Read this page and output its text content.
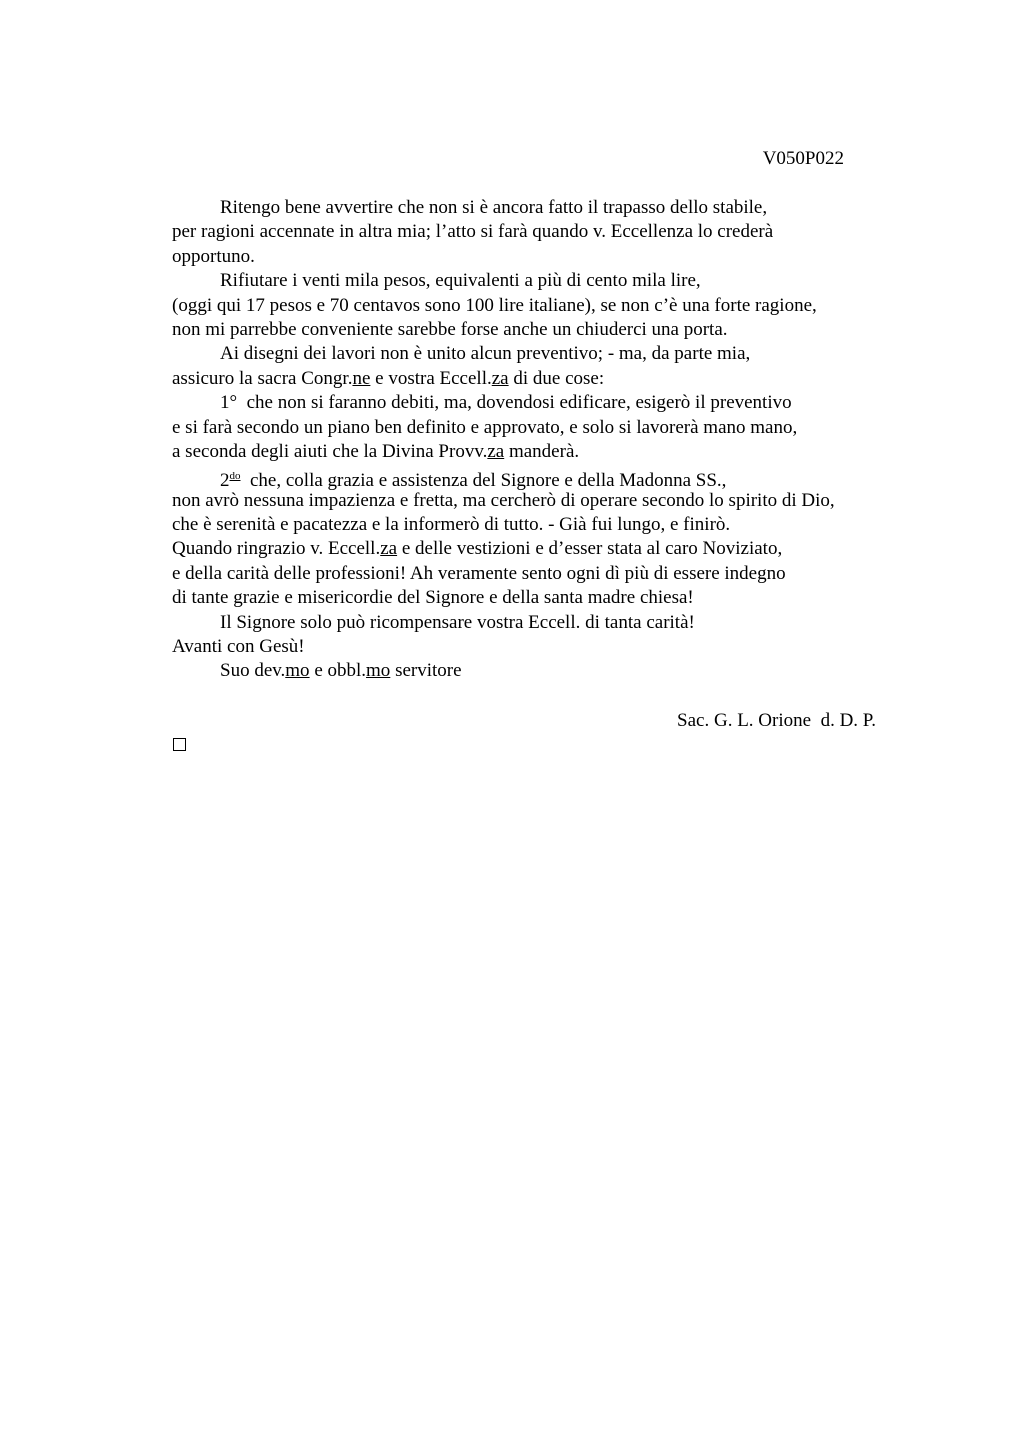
V050P022
Ritengo bene avvertire che non si è ancora fatto il trapasso dello stabile,
per ragioni accennate in altra mia; l’atto si farà quando v. Eccellenza lo crederà
opportuno.
Rifiutare i venti mila pesos, equivalenti a più di cento mila lire,
(oggi qui 17 pesos e 70 centavos sono 100 lire italiane), se non c’è una forte ragione,
non mi parrebbe conveniente sarebbe forse anche un chiuderci una porta.
Ai disegni dei lavori non è unito alcun preventivo; - ma, da parte mia,
assicuro la sacra Congr.ne e vostra Eccell.za di due cose:
1°  che non si faranno debiti, ma, dovendosi edificare, esigerò il preventivo
e si farà secondo un piano ben definito e approvato, e solo si lavorerà mano mano,
a seconda degli aiuti che la Divina Provv.za manderà.
$2^{do}$  che, colla grazia e assistenza del Signore e della Madonna SS.,
non avrò nessuna impazienza e fretta, ma cercherò di operare secondo lo spirito di Dio,
che è serenità e pacatezza e la informerò di tutto. - Già fui lungo, e finirò.
Quando ringrazio v. Eccell.za e delle vestizioni e d’esser stata al caro Noviziato,
e della carità delle professioni! Ah veramente sento ogni dì più di essere indegno
di tante grazie e misericordie del Signore e della santa madre chiesa!
Il Signore solo può ricompensare vostra Eccell. di tanta carità!
Avanti con Gesù!
Suo dev.mo e obbl.mo servitore
Sac. G. L. Orione  d. D. P.
